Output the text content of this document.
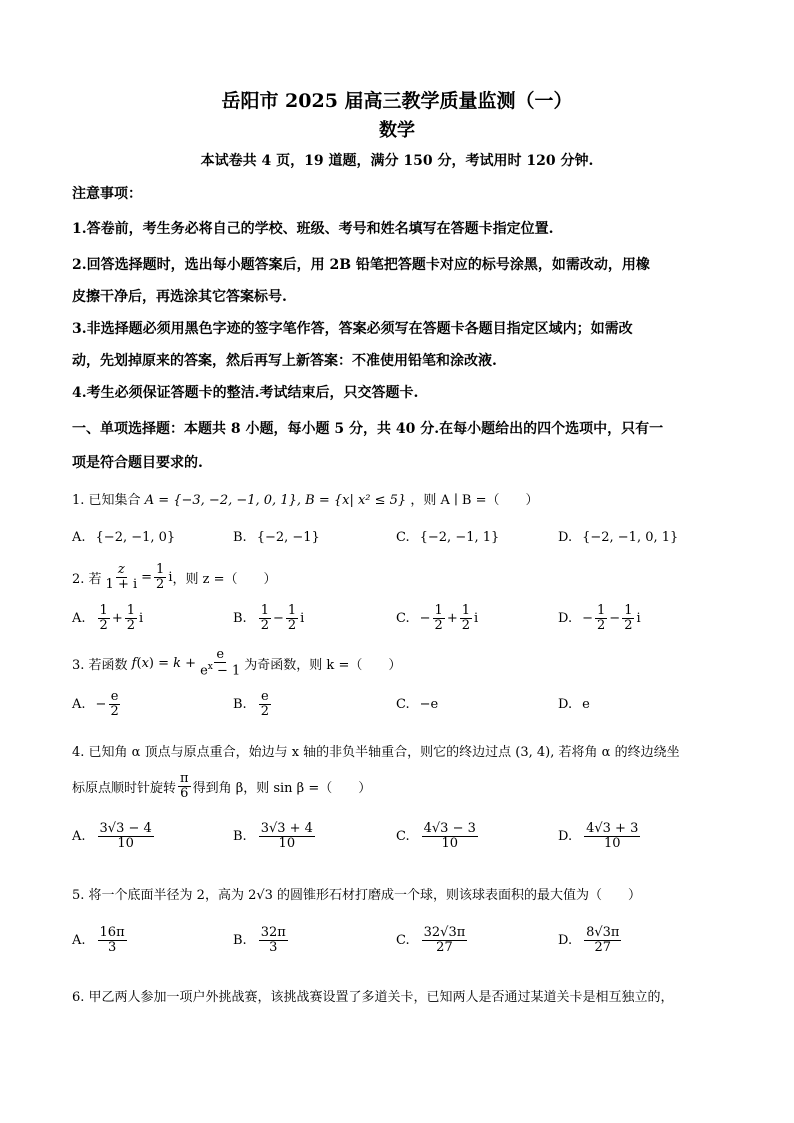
岳阳市 2025 届高三教学质量监测（一）
数学
本试卷共 4 页，19 道题，满分 150 分，考试用时 120 分钟.
注意事项：
1.答卷前，考生务必将自己的学校、班级、考号和姓名填写在答题卡指定位置.
2.回答选择题时，选出每小题答案后，用 2B 铅笔把答题卡对应的标号涂黑，如需改动，用橡
皮擦干净后，再选涂其它答案标号.
3.非选择题必须用黑色字迹的签字笔作答，答案必须写在答题卡各题目指定区域内；如需改
动，先划掉原来的答案，然后再写上新答案：不准使用铅笔和涂改液.
4.考生必须保证答题卡的整洁.考试结束后，只交答题卡.
一、单项选择题：本题共 8 小题，每小题 5 分，共 40 分.在每小题给出的四个选项中，只有一
项是符合题目要求的.
1. 已知集合 A = {−3, −2, −1, 0, 1}, B = {x| x² ≤ 5} ，则 A ∣ B =（　　）
A. {−2, −1, 0}	B. {−2, −1}	C. {−2, −1, 1}	D. {−2, −1, 0, 1}
2. 若 $\frac{z}{1 + i} = \frac{1}{2}$ i ，则 z =（　　）
A. $\frac{1}{2} + \frac{1}{2}$ i	B. $\frac{1}{2} - \frac{1}{2}$ i	C. − $\frac{1}{2} + \frac{1}{2}$ i	D. − $\frac{1}{2} - \frac{1}{2}$ i
3. 若函数 f ( x ) = $k + \frac{e}{e^x - 1}$ 为奇函数，则 k =（　　）
A. − $\frac{e}{2}$	B. $\frac{e}{2}$	C. −e	D. e
4. 已知角 α 顶点与原点重合，始边与 x 轴的非负半轴重合，则它的终边过点 (3, 4), 若将角 α 的终边绕坐
标原点顺时针旋转 $\frac{\pi}{6}$ 得到角 β，则 sin β =（　　）
A. $\frac{3√3 - 4}{10}$	B. $\frac{3√3 + 4}{10}$	C. $\frac{4√3 - 3}{10}$	D. $\frac{4√3 + 3}{10}$
5. 将一个底面半径为 2，高为 2√3 的圆锥形石材打磨成一个球，则该球表面积的最大值为（　　）
A. $\frac{16\pi}{3}$	B. $\frac{32\pi}{3}$	C. $\frac{32√3\pi}{27}$	D. $\frac{8√3\pi}{27}$
6. 甲乙两人参加一项户外挑战赛，该挑战赛设置了多道关卡，已知两人是否通过某道关卡是相互独立的，
